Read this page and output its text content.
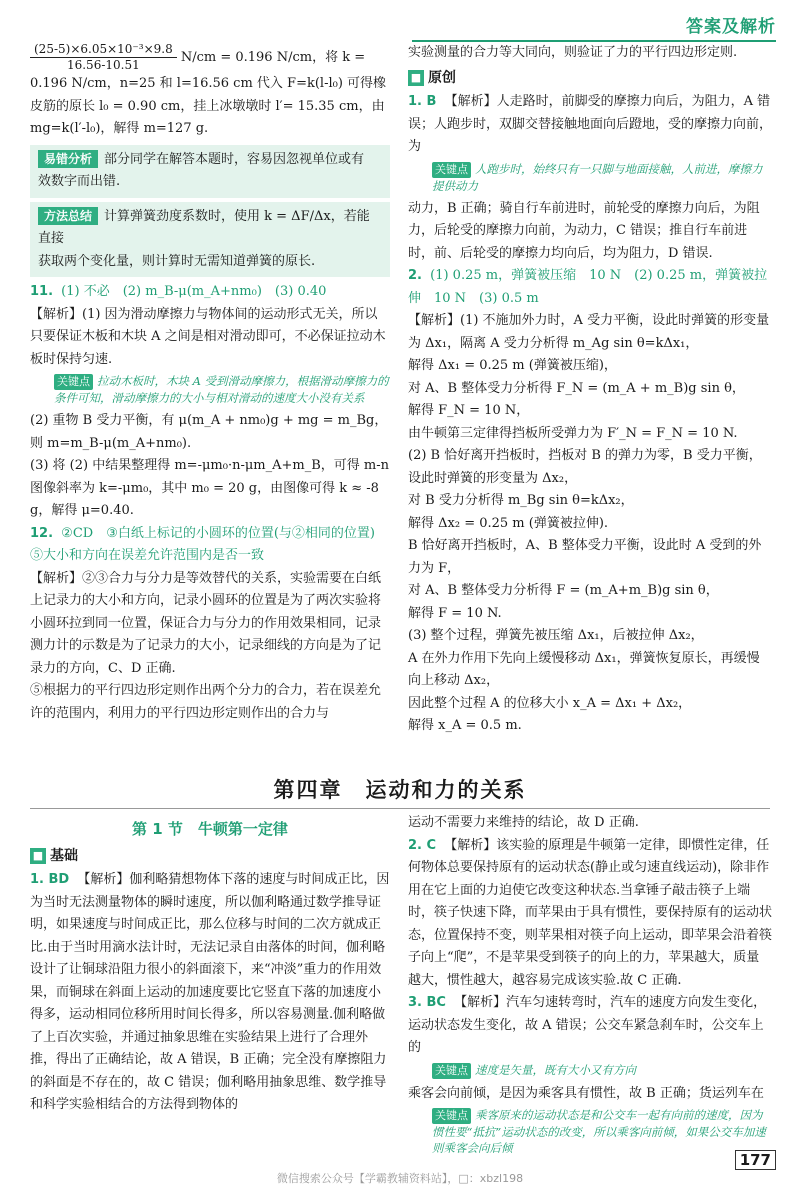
答案及解析

$\frac{\text{(25-5)×6.05×10⁻³×9.8}}{16.56-10.51} N/cm = 0.196$ N/cm，将 k =

0.196 N/cm，n=25 和 l=16.56 cm 代入 F=k(l-l₀) 可得橡

皮筋的原长 l₀ = 0.90 cm，挂上冰墩墩时 l′= 15.35 cm，由

mg=k(l′-l₀)，解得 m=127 g.

易错分析 部分同学在解答本题时，容易因忽视单位或有

效数字而出错.

方法总结 计算弹簧劲度系数时，使用 k = ΔF/Δx，若能直接

获取两个变化量，则计算时无需知道弹簧的原长.

11. (1) 不必　(2) m_B-μ(m_A+nm₀)　(3) 0.40

【解析】(1) 因为滑动摩擦力与物体间的运动形式无关，所以只要保证木板和木块 A 之间是相对滑动即可，不必保证拉动木板时保持匀速.

关键点 拉动木板时，木块 A 受到滑动摩擦力，根据滑动摩擦力的条件可知，滑动摩擦力的大小与相对滑动的速度大小没有关系

(2) 重物 B 受力平衡，有 μ(m_A + nm₀)g + mg = m_Bg，则 m=m_B-μ(m_A+nm₀).

(3) 将 (2) 中结果整理得 m=-μm₀·n-μm_A+m_B，可得 m-n 图像斜率为 k=-μm₀，其中 m₀ = 20 g，由图像可得 k ≈ -8 g，解得 μ=0.40.

12. ②CD　③白纸上标记的小圆环的位置(与②相同的位置)　⑤大小和方向在误差允许范围内是否一致

【解析】②③合力与分力是等效替代的关系，实验需要在白纸上记录力的大小和方向，记录小圆环的位置是为了两次实验将小圆环拉到同一位置，保证合力与分力的作用效果相同，记录测力计的示数是为了记录力的大小，记录细线的方向是为了记录力的方向，C、D 正确.

⑤根据力的平行四边形定则作出两个分力的合力，若在误差允许的范围内，利用力的平行四边形定则作出的合力与

实验测量的合力等大同向，则验证了力的平行四边形定则.

■ 原创

1. B 【解析】人走路时，前脚受的摩擦力向后，为阻力，A 错误；人跑步时，双脚交替接触地面向后蹬地，受的摩擦力向前，为

关键点 人跑步时，始终只有一只脚与地面接触，人前进，摩擦力提供动力

动力，B 正确；骑自行车前进时，前轮受的摩擦力向后，为阻力，后轮受的摩擦力向前，为动力，C 错误；推自行车前进时，前、后轮受的摩擦力均向后，均为阻力，D 错误.

2. (1) 0.25 m，弹簧被压缩　10 N　(2) 0.25 m，弹簧被拉伸　10 N　(3) 0.5 m

【解析】(1) 不施加外力时，A 受力平衡，设此时弹簧的形变量为 Δx₁，隔离 A 受力分析得 m_Ag sin θ=kΔx₁，

解得 Δx₁ = 0.25 m (弹簧被压缩)，

对 A、B 整体受力分析得 F_N = (m_A + m_B)g sin θ，

解得 F_N = 10 N，

由牛顿第三定律得挡板所受弹力为 F′_N = F_N = 10 N.

(2) B 恰好离开挡板时，挡板对 B 的弹力为零，B 受力平衡，设此时弹簧的形变量为 Δx₂，

对 B 受力分析得 m_Bg sin θ=kΔx₂，

解得 Δx₂ = 0.25 m (弹簧被拉伸).

B 恰好离开挡板时，A、B 整体受力平衡，设此时 A 受到的外力为 F，

对 A、B 整体受力分析得 F = (m_A+m_B)g sin θ，

解得 F = 10 N.

(3) 整个过程，弹簧先被压缩 Δx₁，后被拉伸 Δx₂，

A 在外力作用下先向上缓慢移动 Δx₁，弹簧恢复原长，再缓慢向上移动 Δx₂，

因此整个过程 A 的位移大小 x_A = Δx₁ + Δx₂，

解得 x_A = 0.5 m.

第四章　运动和力的关系
第 1 节　牛顿第一定律
■ 基础

1. BD 【解析】伽利略猜想物体下落的速度与时间成正比，因为当时无法测量物体的瞬时速度，所以伽利略通过数学推导证明，如果速度与时间成正比，那么位移与时间的二次方就成正比.由于当时用滴水法计时，无法记录自由落体的时间，伽利略设计了让铜球沿阻力很小的斜面滚下，来“冲淡”重力的作用效果，而铜球在斜面上运动的加速度要比它竖直下落的加速度小得多，运动相同位移所用时间长得多，所以容易测量.伽利略做了上百次实验，并通过抽象思维在实验结果上进行了合理外推，得出了正确结论，故 A 错误，B 正确；完全没有摩擦阻力的斜面是不存在的，故 C 错误；伽利略用抽象思维、数学推导和科学实验相结合的方法得到物体的

运动不需要力来维持的结论，故 D 正确.

2. C 【解析】该实验的原理是牛顿第一定律，即惯性定律，任何物体总要保持原有的运动状态(静止或匀速直线运动)，除非作用在它上面的力迫使它改变这种状态.当拿锤子敲击筷子上端时，筷子快速下降，而苹果由于具有惯性，要保持原有的运动状态，位置保持不变，则苹果相对筷子向上运动，即苹果会沿着筷子向上“爬”，不是苹果受到筷子的向上的力，苹果越大，质量越大，惯性越大，越容易完成该实验.故 C 正确.

3. BC 【解析】汽车匀速转弯时，汽车的速度方向发生变化，运动状态发生变化，故 A 错误；公交车紧急刹车时，公交车上的

关键点 速度是矢量，既有大小又有方向

乘客会向前倾，是因为乘客具有惯性，故 B 正确；货运列车在

关键点 乘客原来的运动状态是和公交车一起有向前的速度，因为惯性要“抵抗”运动状态的改变，所以乘客向前倾，如果公交车加速则乘客会向后倾
177
微信搜索公众号【学霸教辅资料站】，□：xbzl198
